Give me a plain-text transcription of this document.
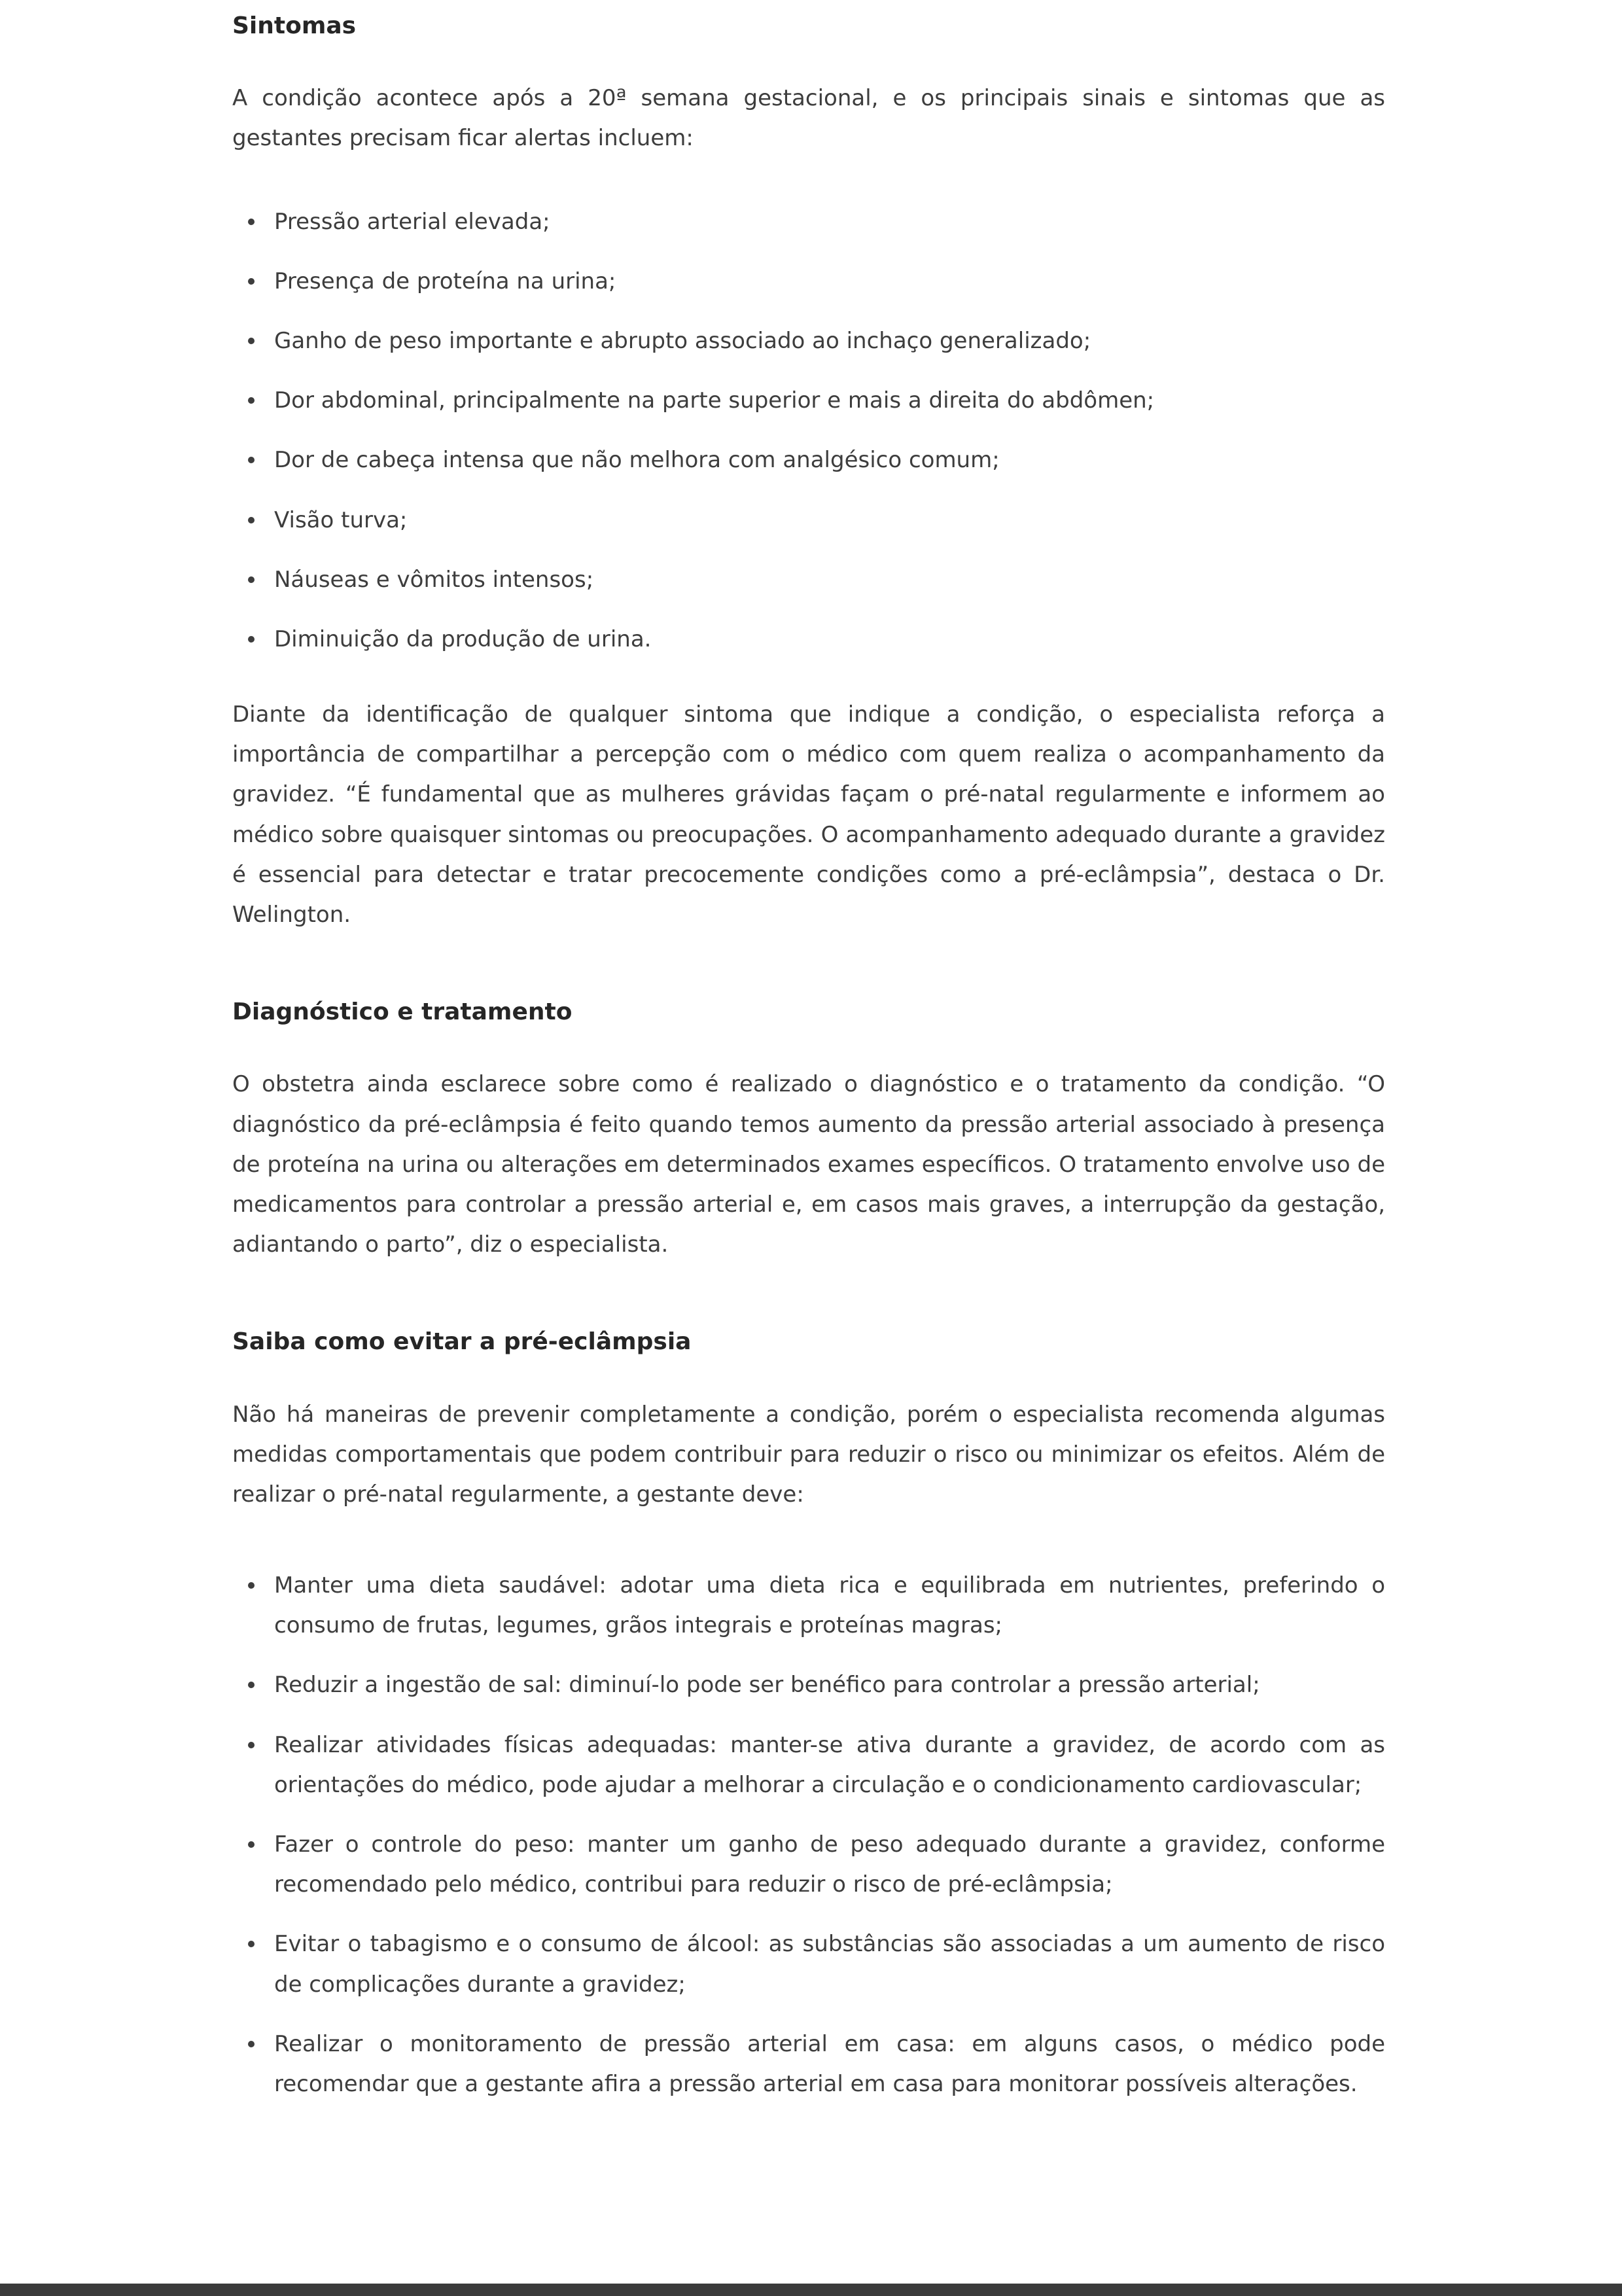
Sintomas

A condição acontece após a 20ª semana gestacional, e os principais sinais e sintomas que as gestantes precisam ficar alertas incluem:

Pressão arterial elevada;
Presença de proteína na urina;
Ganho de peso importante e abrupto associado ao inchaço generalizado;
Dor abdominal, principalmente na parte superior e mais a direita do abdômen;
Dor de cabeça intensa que não melhora com analgésico comum;
Visão turva;
Náuseas e vômitos intensos;
Diminuição da produção de urina.

Diante da identificação de qualquer sintoma que indique a condição, o especialista reforça a importância de compartilhar a percepção com o médico com quem realiza o acompanhamento da gravidez. “É fundamental que as mulheres grávidas façam o pré-natal regularmente e informem ao médico sobre quaisquer sintomas ou preocupações. O acompanhamento adequado durante a gravidez é essencial para detectar e tratar precocemente condições como a pré-eclâmpsia”, destaca o Dr. Welington.

Diagnóstico e tratamento

O obstetra ainda esclarece sobre como é realizado o diagnóstico e o tratamento da condição. “O diagnóstico da pré-eclâmpsia é feito quando temos aumento da pressão arterial associado à presença de proteína na urina ou alterações em determinados exames específicos. O tratamento envolve uso de medicamentos para controlar a pressão arterial e, em casos mais graves, a interrupção da gestação, adiantando o parto”, diz o especialista.

Saiba como evitar a pré-eclâmpsia

Não há maneiras de prevenir completamente a condição, porém o especialista recomenda algumas medidas comportamentais que podem contribuir para reduzir o risco ou minimizar os efeitos. Além de realizar o pré-natal regularmente, a gestante deve:

Manter uma dieta saudável: adotar uma dieta rica e equilibrada em nutrientes, preferindo o consumo de frutas, legumes, grãos integrais e proteínas magras;
Reduzir a ingestão de sal: diminuí-lo pode ser benéfico para controlar a pressão arterial;
Realizar atividades físicas adequadas: manter-se ativa durante a gravidez, de acordo com as orientações do médico, pode ajudar a melhorar a circulação e o condicionamento cardiovascular;
Fazer o controle do peso: manter um ganho de peso adequado durante a gravidez, conforme recomendado pelo médico, contribui para reduzir o risco de pré-eclâmpsia;
Evitar o tabagismo e o consumo de álcool: as substâncias são associadas a um aumento de risco de complicações durante a gravidez;
Realizar o monitoramento de pressão arterial em casa: em alguns casos, o médico pode recomendar que a gestante afira a pressão arterial em casa para monitorar possíveis alterações.
